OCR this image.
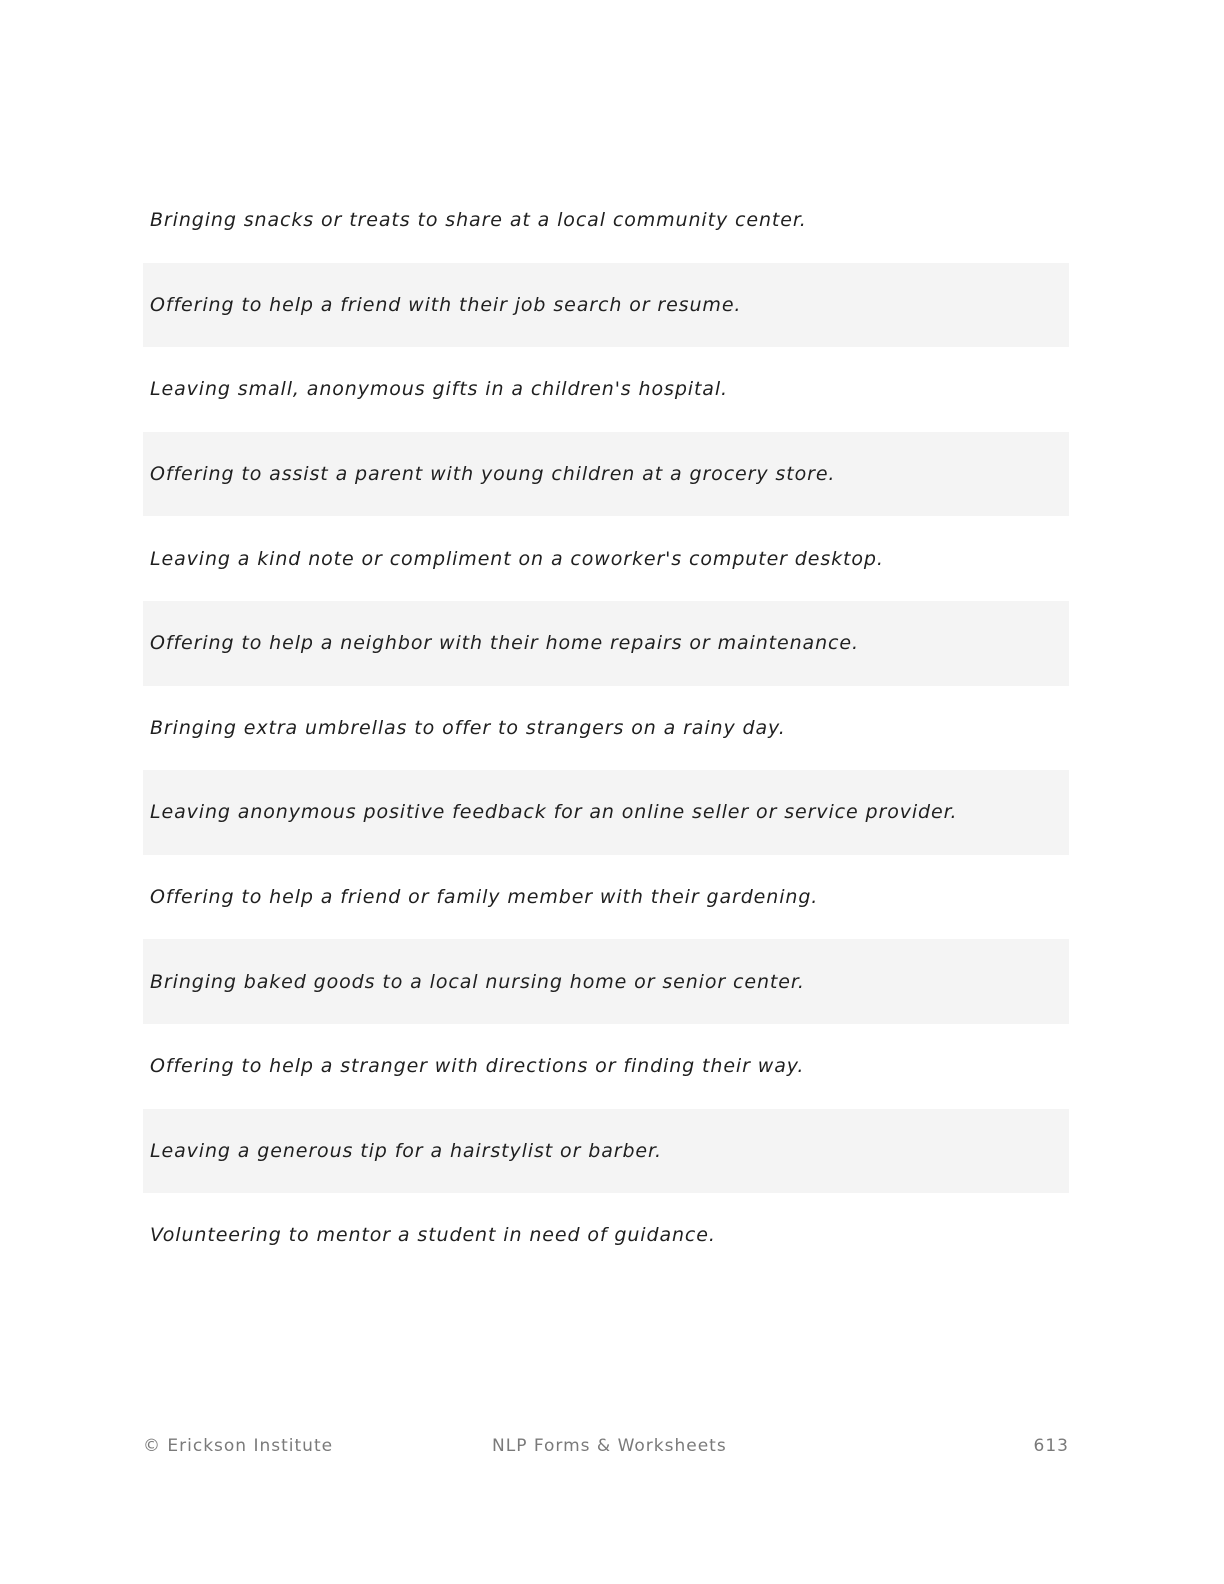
Bringing snacks or treats to share at a local community center.
Offering to help a friend with their job search or resume.
Leaving small, anonymous gifts in a children's hospital.
Offering to assist a parent with young children at a grocery store.
Leaving a kind note or compliment on a coworker's computer desktop.
Offering to help a neighbor with their home repairs or maintenance.
Bringing extra umbrellas to offer to strangers on a rainy day.
Leaving anonymous positive feedback for an online seller or service provider.
Offering to help a friend or family member with their gardening.
Bringing baked goods to a local nursing home or senior center.
Offering to help a stranger with directions or finding their way.
Leaving a generous tip for a hairstylist or barber.
Volunteering to mentor a student in need of guidance.
© Erickson Institute	NLP Forms & Worksheets	613
